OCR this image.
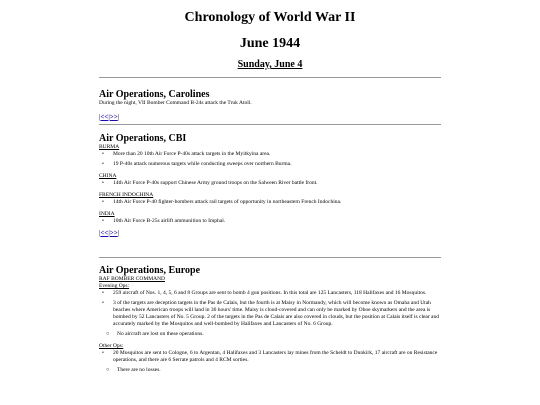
Chronology of World War II
June 1944
Sunday, June 4
Air Operations, Carolines
During the night, VII Bomber Command B-24s attack the Truk Atoll.
|<<|>>|
Air Operations, CBI
BURMA
• More than 20 10th Air Force P-40s attack targets in the Myitkyina area.
• 19 P-40s attack numerous targets while conducting sweeps over northern Burma.
CHINA
• 14th Air Force P-40s support Chinese Army ground troops on the Salween River battle front.
FRENCH INDOCHINA
• 14th Air Force P-40 fighter-bombers attack rail targets of opportunity in northeastern French Indochina.
INDIA
• 10th Air Force B-25s airlift ammunition to Imphal.
|<<|>>|
Air Operations, Europe
RAF BOMBER COMMAND
Evening Ops:
• 259 aircraft of Nos. 1, 4, 5, 6 and 8 Groups are sent to bomb 4 gun positions. In this total are 125 Lancasters, 118 Halifaxes and 16 Mosquitos.
• 3 of the targets are deception targets in the Pas de Calais, but the fourth is at Maisy in Normandy, which will become known as Omaha and Utah beaches where American troops will land in 36 hours' time. Maisy is cloud-covered and can only be marked by Oboe skymarkers and the area is bombed by 52 Lancasters of No. 5 Group. 2 of the targets in the Pas de Calais are also covered in clouds, but the position at Calais itself is clear and accurately marked by the Mosquitos and well-bombed by Halifaxes and Lancasters of No. 6 Group.
○ No aircraft are lost on these operations.
Other Ops:
• 20 Mosquitos are sent to Cologne, 6 to Argentan, 4 Halifaxes and 3 Lancasters lay mines from the Scheldt to Dunkirk, 17 aircraft are on Resistance operations, and there are 6 Serrate patrols and 4 RCM sorties.
○ There are no losses.
